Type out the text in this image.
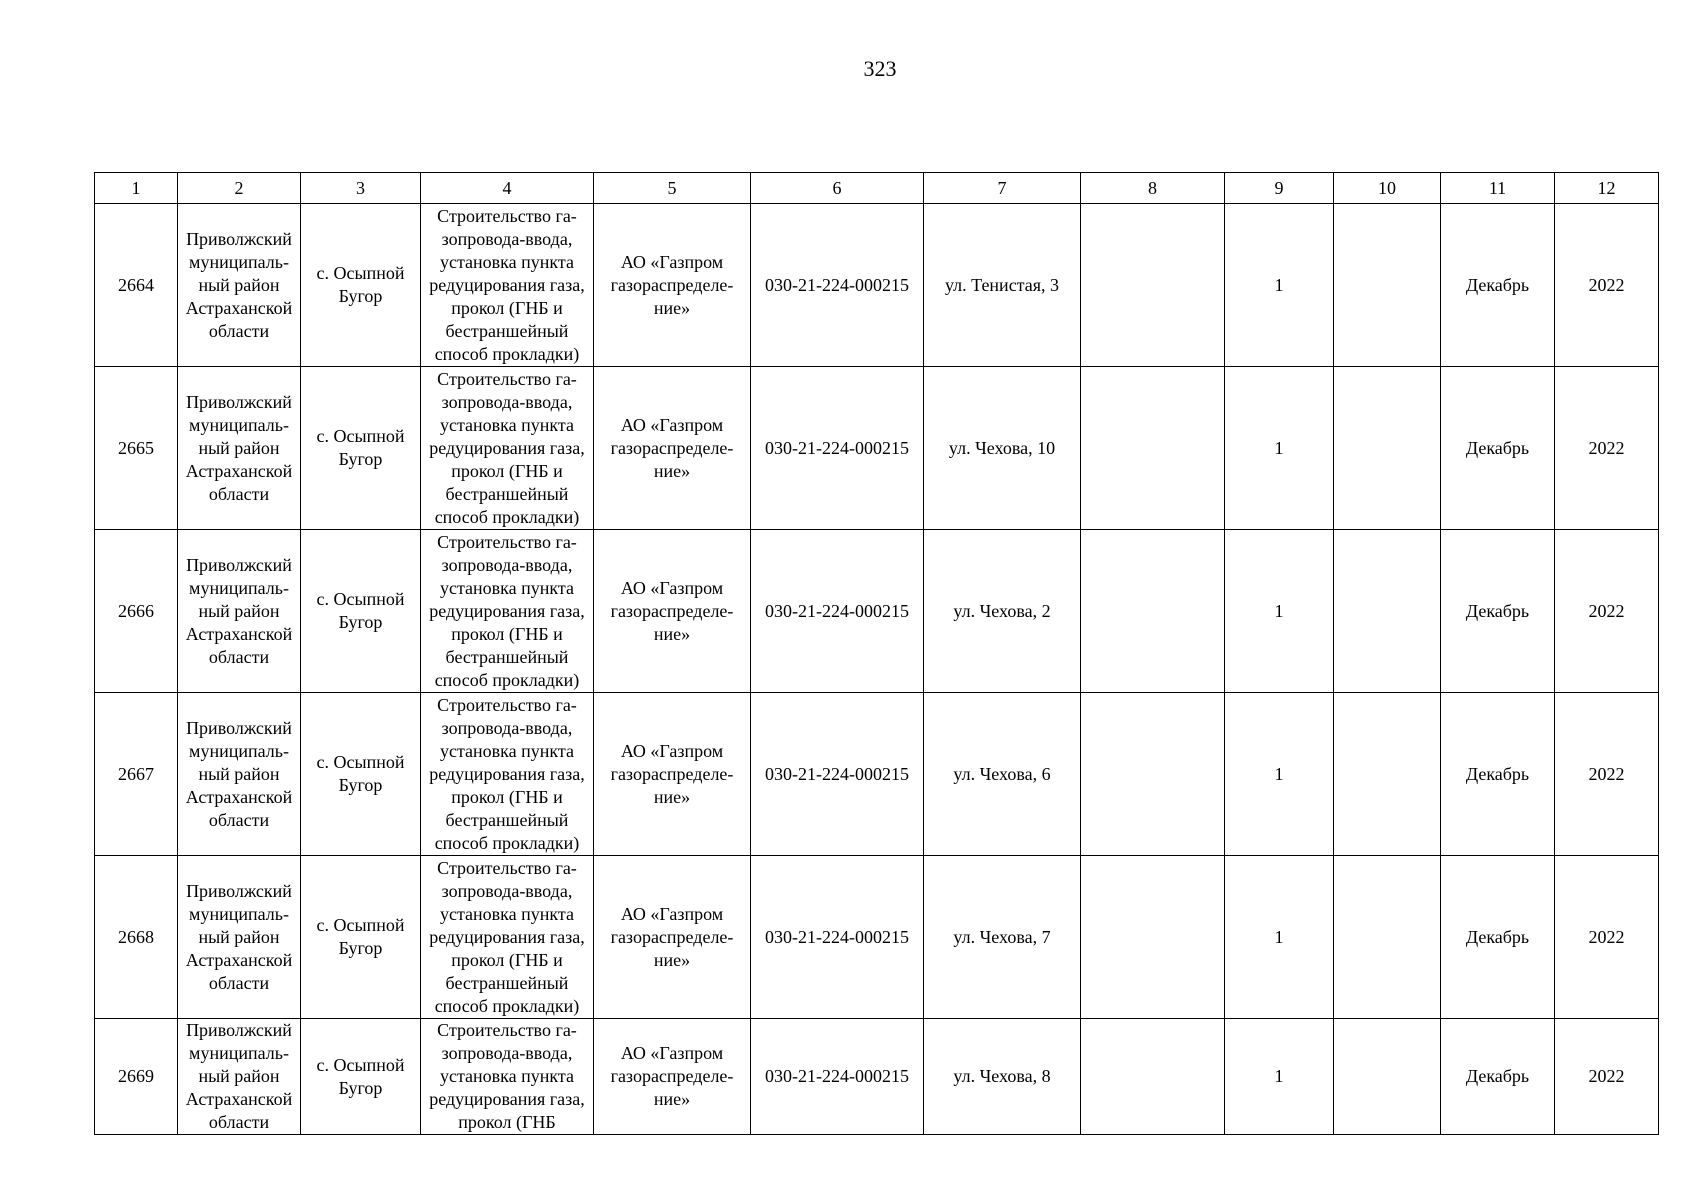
323
1	2	3	4	5	6	7	8	9	10	11	12
2664	Приволжский муниципаль-ный район Астраханской области	с. Осыпной Бугор	Строительство га-зопровода-ввода, установка пункта редуцирования газа, прокол (ГНБ и бестраншейный способ прокладки)	АО «Газпром газораспределе-ние»	030-21-224-000215	ул. Тенистая, 3		1		Декабрь	2022
2665	Приволжский муниципаль-ный район Астраханской области	с. Осыпной Бугор	Строительство га-зопровода-ввода, установка пункта редуцирования газа, прокол (ГНБ и бестраншейный способ прокладки)	АО «Газпром газораспределе-ние»	030-21-224-000215	ул. Чехова, 10		1		Декабрь	2022
2666	Приволжский муниципаль-ный район Астраханской области	с. Осыпной Бугор	Строительство га-зопровода-ввода, установка пункта редуцирования газа, прокол (ГНБ и бестраншейный способ прокладки)	АО «Газпром газораспределе-ние»	030-21-224-000215	ул. Чехова, 2		1		Декабрь	2022
2667	Приволжский муниципаль-ный район Астраханской области	с. Осыпной Бугор	Строительство га-зопровода-ввода, установка пункта редуцирования газа, прокол (ГНБ и бестраншейный способ прокладки)	АО «Газпром газораспределе-ние»	030-21-224-000215	ул. Чехова, 6		1		Декабрь	2022
2668	Приволжский муниципаль-ный район Астраханской области	с. Осыпной Бугор	Строительство га-зопровода-ввода, установка пункта редуцирования газа, прокол (ГНБ и бестраншейный способ прокладки)	АО «Газпром газораспределе-ние»	030-21-224-000215	ул. Чехова, 7		1		Декабрь	2022
2669	Приволжский муниципаль-ный район Астраханской области	с. Осыпной Бугор	Строительство га-зопровода-ввода, установка пункта редуцирования газа, прокол (ГНБ	АО «Газпром газораспределе-ние»	030-21-224-000215	ул. Чехова, 8		1		Декабрь	2022
